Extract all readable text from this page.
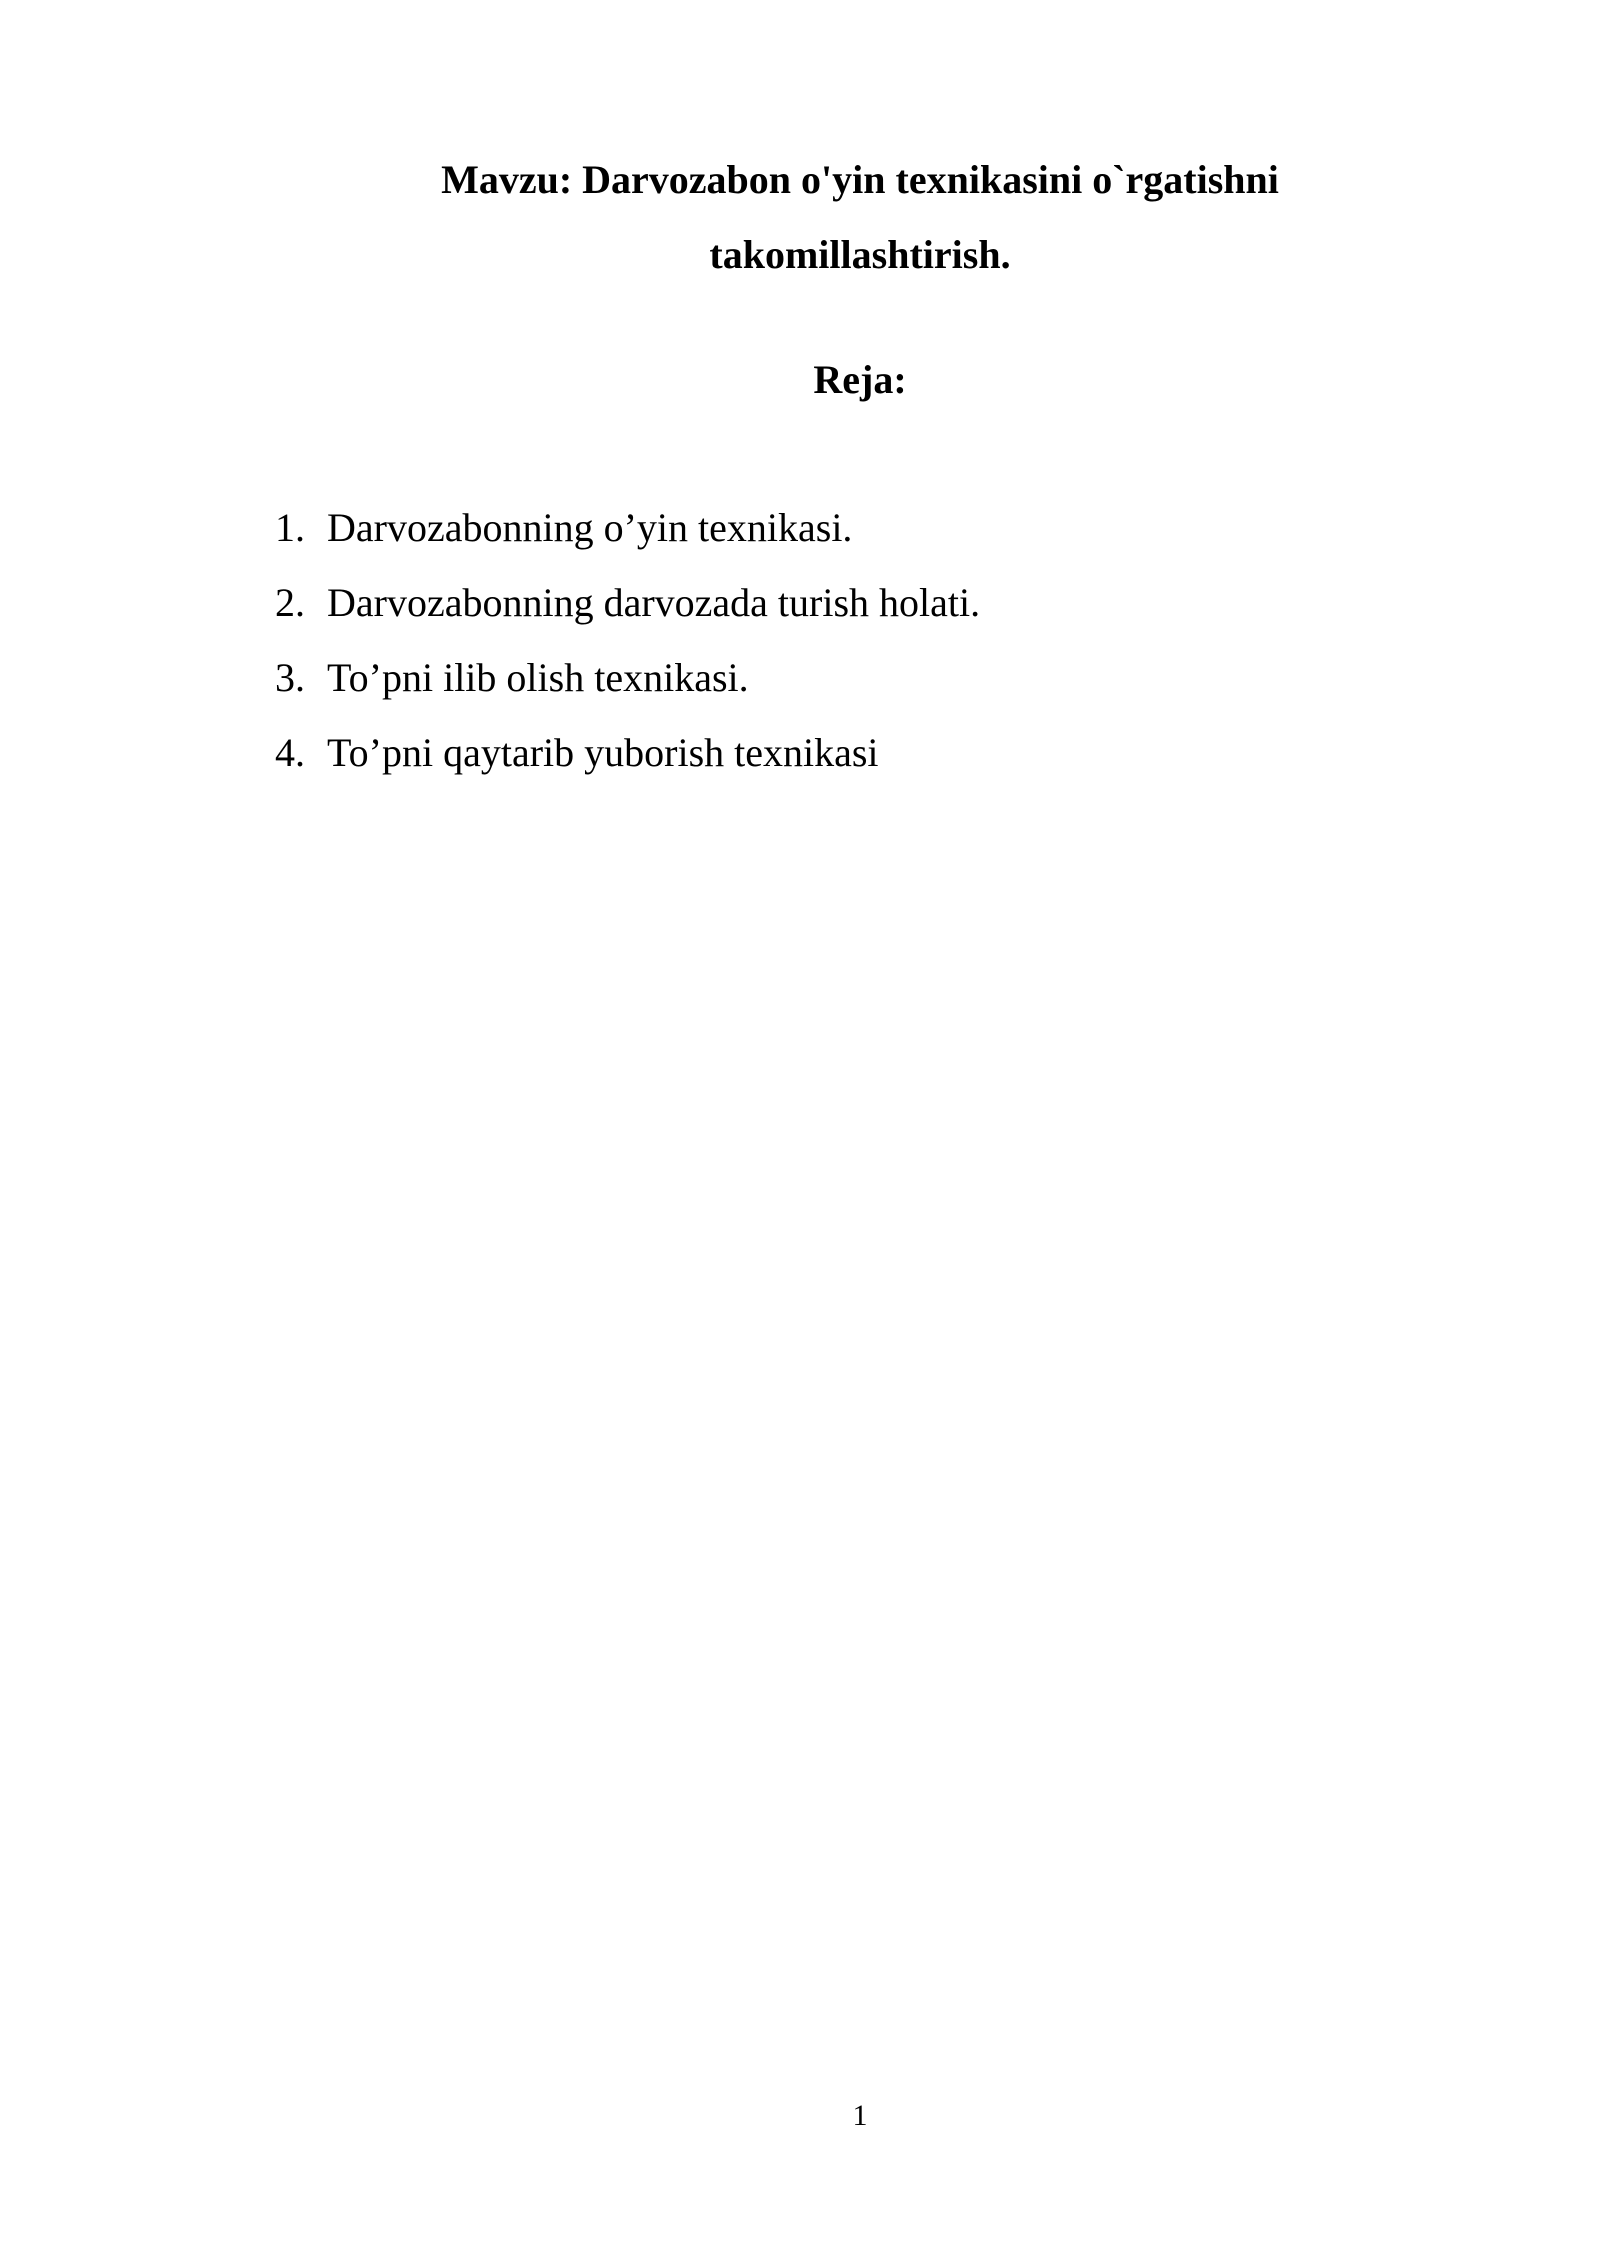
Mavzu: Darvozabon o'yin texnikasini o`rgatishni
takomillashtirish.
Reja:
1. Darvozabonning o’yin texnikasi.
2. Darvozabonning darvozada turish holati.
3. To’pni ilib olish texnikasi.
4. To’pni qaytarib yuborish texnikasi
1
